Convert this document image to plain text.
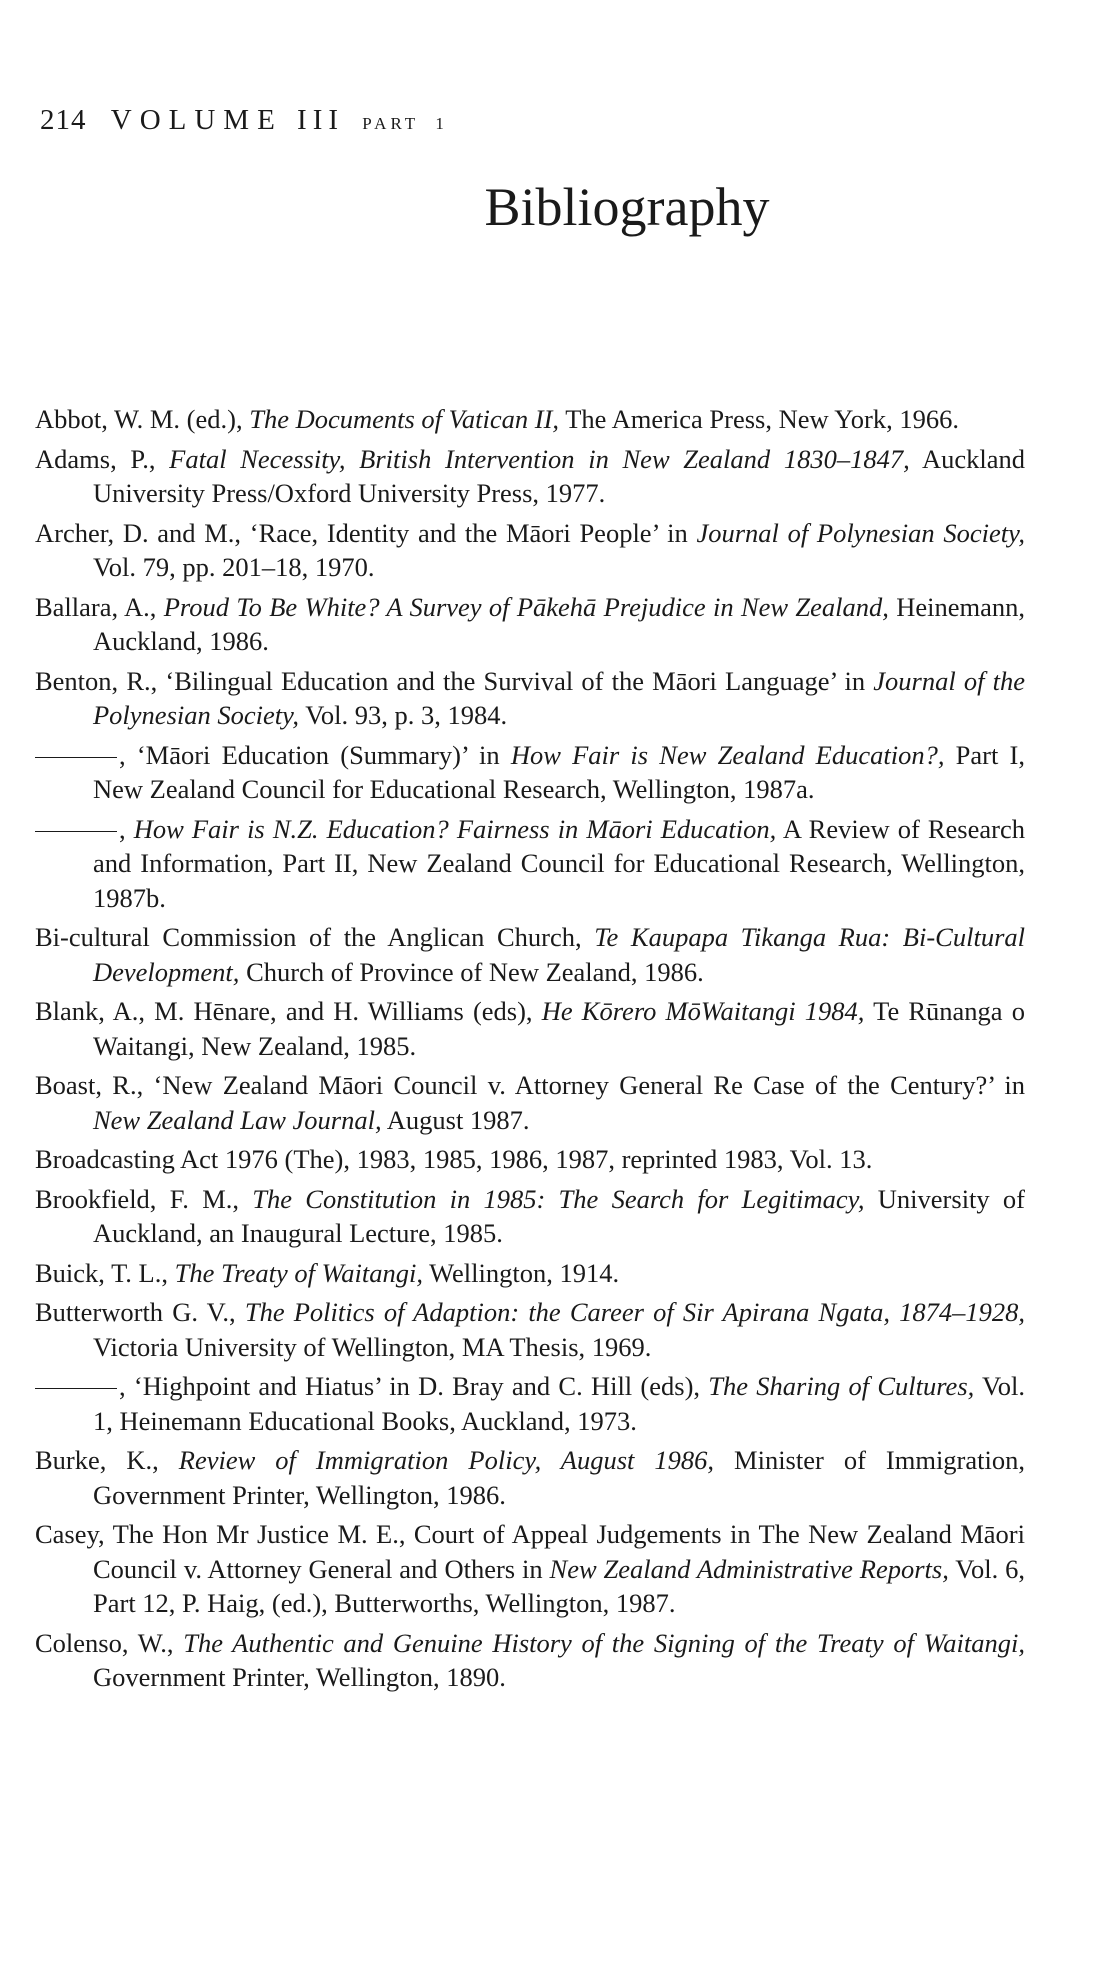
214 VOLUME III PART 1
Bibliography
Abbot, W. M. (ed.), The Documents of Vatican II, The America Press, New York, 1966.
Adams, P., Fatal Necessity, British Intervention in New Zealand 1830–1847, Auckland University Press/Oxford University Press, 1977.
Archer, D. and M., ‘Race, Identity and the Māori People’ in Journal of Polynesian Society, Vol. 79, pp. 201–18, 1970.
Ballara, A., Proud To Be White? A Survey of Pākehā Prejudice in New Zealand, Heinemann, Auckland, 1986.
Benton, R., ‘Bilingual Education and the Survival of the Māori Language’ in Journal of the Polynesian Society, Vol. 93, p. 3, 1984.
, ‘Māori Education (Summary)’ in How Fair is New Zealand Education?, Part I, New Zealand Council for Educational Research, Wellington, 1987a.
, How Fair is N.Z. Education? Fairness in Māori Education, A Review of Research and Information, Part II, New Zealand Council for Educational Research, Wellington, 1987b.
Bi-cultural Commission of the Anglican Church, Te Kaupapa Tikanga Rua: Bi-Cultural Development, Church of Province of New Zealand, 1986.
Blank, A., M. Hēnare, and H. Williams (eds), He Kōrero MōWaitangi 1984, Te Rūnanga o Waitangi, New Zealand, 1985.
Boast, R., ‘New Zealand Māori Council v. Attorney General Re Case of the Century?’ in New Zealand Law Journal, August 1987.
Broadcasting Act 1976 (The), 1983, 1985, 1986, 1987, reprinted 1983, Vol. 13.
Brookfield, F. M., The Constitution in 1985: The Search for Legitimacy, University of Auckland, an Inaugural Lecture, 1985.
Buick, T. L., The Treaty of Waitangi, Wellington, 1914.
Butterworth G. V., The Politics of Adaption: the Career of Sir Apirana Ngata, 1874–1928, Victoria University of Wellington, MA Thesis, 1969.
, ‘Highpoint and Hiatus’ in D. Bray and C. Hill (eds), The Sharing of Cultures, Vol. 1, Heinemann Educational Books, Auckland, 1973.
Burke, K., Review of Immigration Policy, August 1986, Minister of Immigration, Government Printer, Wellington, 1986.
Casey, The Hon Mr Justice M. E., Court of Appeal Judgements in The New Zealand Māori Council v. Attorney General and Others in New Zealand Administrative Reports, Vol. 6, Part 12, P. Haig, (ed.), Butterworths, Wellington, 1987.
Colenso, W., The Authentic and Genuine History of the Signing of the Treaty of Waitangi, Government Printer, Wellington, 1890.
